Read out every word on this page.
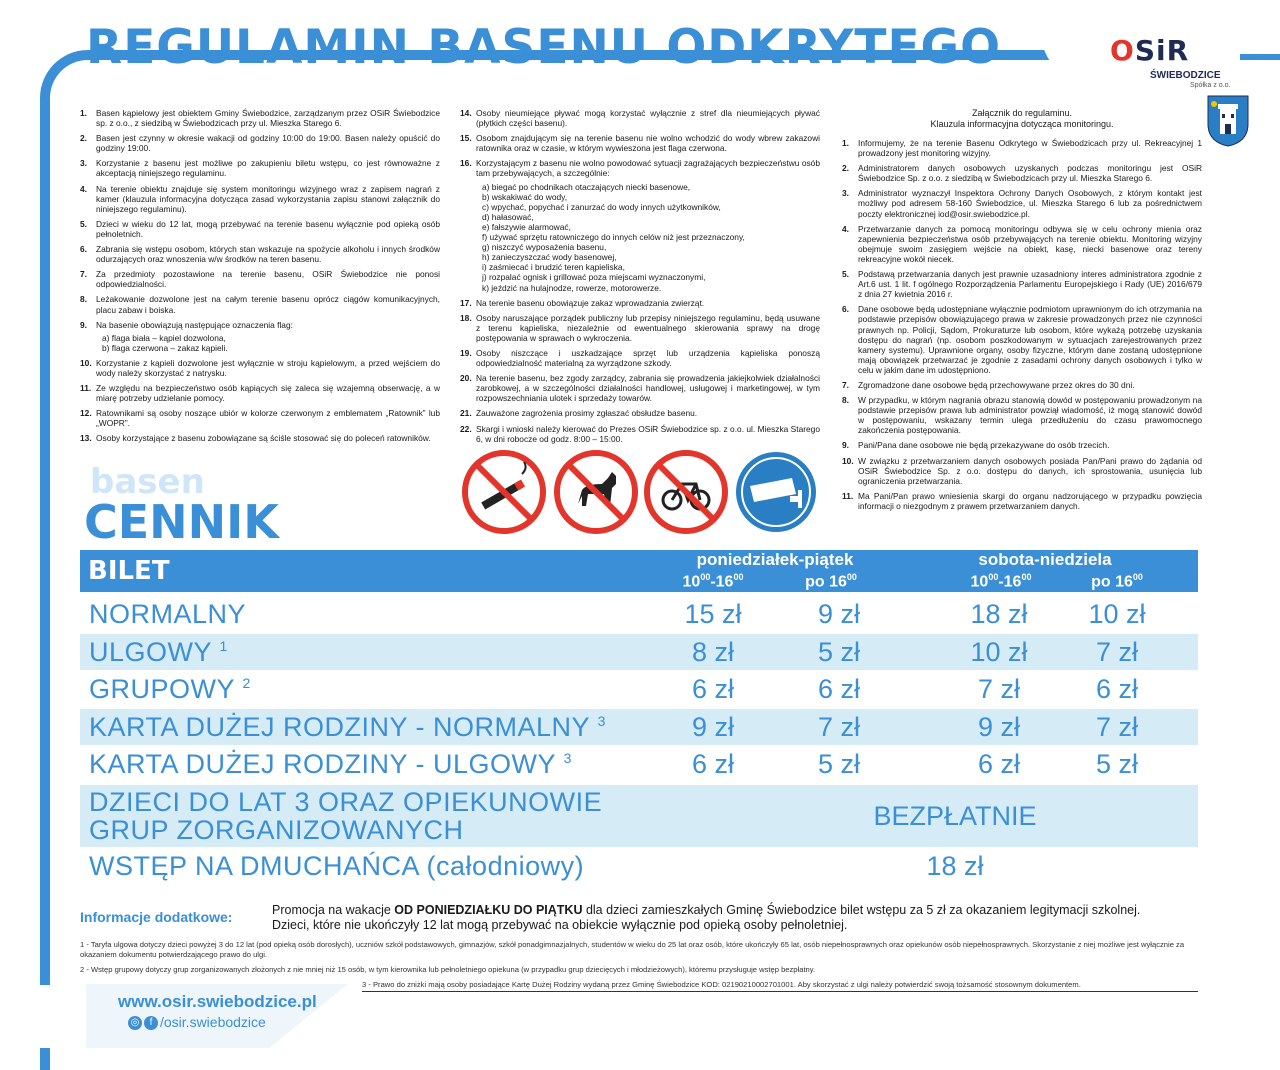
REGULAMIN BASENU ODKRYTEGO	OSiR
ŚWIEBODZICE
Spółka z o.o.
1. Basen kąpielowy jest obiektem Gminy Świebodzice, zarządzanym przez OSiR Świebodzice sp. z o.o., z siedzibą w Świebodzicach przy ul. Mieszka Starego 6.
2. Basen jest czynny w okresie wakacji od godziny 10:00 do 19:00. Basen należy opuścić do godziny 19:00.
3. Korzystanie z basenu jest możliwe po zakupieniu biletu wstępu, co jest równoważne z akceptacją niniejszego regulaminu.
4. Na terenie obiektu znajduje się system monitoringu wizyjnego wraz z zapisem nagrań z kamer (klauzula informacyjna dotycząca zasad wykorzystania zapisu stanowi załącznik do niniejszego regulaminu).
5. Dzieci w wieku do 12 lat, mogą przebywać na terenie basenu wyłącznie pod opieką osób pełnoletnich.
6. Zabrania się wstępu osobom, których stan wskazuje na spożycie alkoholu i innych środków odurzających oraz wnoszenia w/w środków na teren basenu.
7. Za przedmioty pozostawione na terenie basenu, OSiR Świebodzice nie ponosi odpowiedzialności.
8. Leżakowanie dozwolone jest na całym terenie basenu oprócz ciągów komunikacyjnych, placu zabaw i boiska.
9. Na basenie obowiązują następujące oznaczenia flag:
a) flaga biała – kąpiel dozwolona,
b) flaga czerwona – zakaz kąpieli.
10. Korzystanie z kąpieli dozwolone jest wyłącznie w stroju kąpielowym, a przed wejściem do wody należy skorzystać z natrysku.
11. Ze względu na bezpieczeństwo osób kąpiących się zaleca się wzajemną obserwację, a w miarę potrzeby udzielanie pomocy.
12. Ratownikami są osoby noszące ubiór w kolorze czerwonym z emblematem „Ratownik” lub „WOPR”.
13. Osoby korzystające z basenu zobowiązane są ściśle stosować się do poleceń ratowników.
14. Osoby nieumiejące pływać mogą korzystać wyłącznie z stref dla nieumiejących pływać (płytkich części basenu).
15. Osobom znajdującym się na terenie basenu nie wolno wchodzić do wody wbrew zakazowi ratownika oraz w czasie, w którym wywieszona jest flaga czerwona.
16. Korzystającym z basenu nie wolno powodować sytuacji zagrażających bezpieczeństwu osób tam przebywających, a szczególnie:
a) biegać po chodnikach otaczających niecki basenowe,
b) wskakiwać do wody,
c) wpychać, popychać i zanurzać do wody innych użytkowników,
d) hałasować,
e) fałszywie alarmować,
f) używać sprzętu ratowniczego do innych celów niż jest przeznaczony,
g) niszczyć wyposażenia basenu,
h) zanieczyszczać wody basenowej,
i) zaśmiecać i brudzić teren kąpieliska,
j) rozpalać ognisk i grillować poza miejscami wyznaczonymi,
k) jeździć na hulajnodze, rowerze, motorowerze.
17. Na terenie basenu obowiązuje zakaz wprowadzania zwierząt.
18. Osoby naruszające porządek publiczny lub przepisy niniejszego regulaminu, będą usuwane z terenu kąpieliska, niezależnie od ewentualnego skierowania sprawy na drogę postępowania w sprawach o wykroczenia.
19. Osoby niszczące i uszkadzające sprzęt lub urządzenia kąpieliska ponoszą odpowiedzialność materialną za wyrządzone szkody.
20. Na terenie basenu, bez zgody zarządcy, zabrania się prowadzenia jakiejkolwiek działalności zarobkowej, a w szczególności działalności handlowej, usługowej i marketingowej, w tym rozpowszechniania ulotek i sprzedaży towarów.
21. Zauważone zagrożenia prosimy zgłaszać obsłudze basenu.
22. Skargi i wnioski należy kierować do Prezes OSiR Świebodzice sp. z o.o. ul. Mieszka Starego 6, w dni robocze od godz. 8:00 – 15:00.
Załącznik do regulaminu.
Klauzula informacyjna dotycząca monitoringu.
1. Informujemy, że na terenie Basenu Odkrytego w Świebodzicach przy ul. Rekreacyjnej 1 prowadzony jest monitoring wizyjny.
2. Administratorem danych osobowych uzyskanych podczas monitoringu jest OSiR Świebodzice Sp. z o.o. z siedzibą w Świebodzicach przy ul. Mieszka Starego 6.
3. Administrator wyznaczył Inspektora Ochrony Danych Osobowych, z którym kontakt jest możliwy pod adresem 58-160 Świebodzice, ul. Mieszka Starego 6 lub za pośrednictwem poczty elektronicznej iod@osir.swiebodzice.pl.
4. Przetwarzanie danych za pomocą monitoringu odbywa się w celu ochrony mienia oraz zapewnienia bezpieczeństwa osób przebywających na terenie obiektu. Monitoring wizyjny obejmuje swoim zasięgiem wejście na obiekt, kasę, niecki basenowe oraz tereny rekreacyjne wokół niecek.
5. Podstawą przetwarzania danych jest prawnie uzasadniony interes administratora zgodnie z Art.6 ust. 1 lit. f ogólnego Rozporządzenia Parlamentu Europejskiego i Rady (UE) 2016/679 z dnia 27 kwietnia 2016 r.
6. Dane osobowe będą udostępniane wyłącznie podmiotom uprawnionym do ich otrzymania na podstawie przepisów obowiązującego prawa w zakresie prowadzonych przez nie czynności prawnych np. Policji, Sądom, Prokuraturze lub osobom, które wykażą potrzebę uzyskania dostępu do nagrań (np. osobom poszkodowanym w sytuacjach zarejestrowanych przez kamery systemu). Uprawnione organy, osoby fizyczne, którym dane zostaną udostępnione mają obowiązek przetwarzać je zgodnie z zasadami ochrony danych osobowych i tylko w celu w jakim dane im udostępniono.
7. Zgromadzone dane osobowe będą przechowywane przez okres do 30 dni.
8. W przypadku, w którym nagrania obrazu stanowią dowód w postępowaniu prowadzonym na podstawie przepisów prawa lub administrator powziął wiadomość, iż mogą stanowić dowód w postępowaniu, wskazany termin ulega przedłużeniu do czasu prawomocnego zakończenia postępowania.
9. Pani/Pana dane osobowe nie będą przekazywane do osób trzecich.
10. W związku z przetwarzaniem danych osobowych posiada Pan/Pani prawo do żądania od OSiR Świebodzice Sp. z o.o. dostępu do danych, ich sprostowania, usunięcia lub ograniczenia przetwarzania.
11. Ma Pani/Pan prawo wniesienia skargi do organu nadzorującego w przypadku powzięcia informacji o niezgodnym z prawem przetwarzaniem danych.
basen
CENNIK
BILET	poniedziałek-piątek	sobota-niedziela
$10^{00}-16^{00}$	po $16^{00}$	$10^{00}-16^{00}$	po $16^{00}$
NORMALNY	15 zł	9 zł	18 zł	10 zł
ULGOWY $^1$	8 zł	5 zł	10 zł	7 zł
GRUPOWY $^2$	6 zł	6 zł	7 zł	6 zł
KARTA DUŻEJ RODZINY - NORMALNY $^3$	9 zł	7 zł	9 zł	7 zł
KARTA DUŻEJ RODZINY - ULGOWY $^3$	6 zł	5 zł	6 zł	5 zł
DZIECI DO LAT 3 ORAZ OPIEKUNOWIE
GRUP ZORGANIZOWANYCH	BEZPŁATNIE
WSTĘP NA DMUCHAŃCA (całodniowy)	18 zł
Informacje dodatkowe:	Promocja na wakacje OD PONIEDZIAŁKU DO PIĄTKU dla dzieci zamieszkałych Gminę Świebodzice bilet wstępu za 5 zł za okazaniem legitymacji szkolnej.
Dzieci, które nie ukończyły 12 lat mogą przebywać na obiekcie wyłącznie pod opieką osoby pełnoletniej.
1 - Taryfa ulgowa dotyczy dzieci powyżej 3 do 12 lat (pod opieką osób dorosłych), uczniów szkół podstawowych, gimnazjów, szkół ponadgimnazjalnych, studentów w wieku do 25 lat oraz osób, które ukończyły 65 lat, osób niepełnosprawnych oraz opiekunów osób niepełnosprawnych. Skorzystanie z niej możliwe jest wyłącznie za okazaniem dokumentu potwierdzającego prawo do ulgi.
2 - Wstęp grupowy dotyczy grup zorganizowanych złożonych z nie mniej niż 15 osób, w tym kierownika lub pełnoletniego opiekuna (w przypadku grup dziecięcych i młodzieżowych), któremu przysługuje wstęp bezpłatny.
3 - Prawo do zniżki mają osoby posiadające Kartę Dużej Rodziny wydaną przez Gminę Świebodzice KOD: 02190210002701001. Aby skorzystać z ulgi należy potwierdzić swoją tożsamość stosownym dokumentem.
www.osir.swiebodzice.pl
◎ f /osir.swiebodzice
